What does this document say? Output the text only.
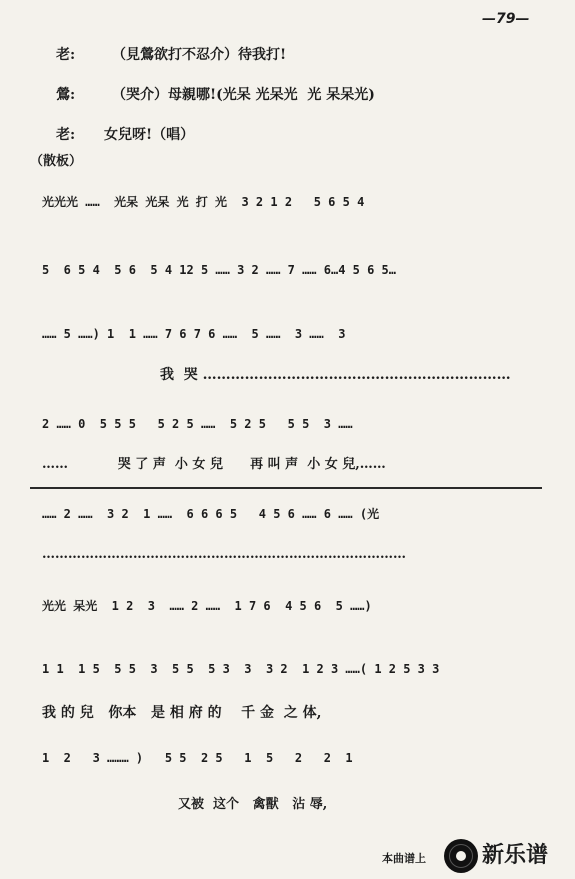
—79—
老:	（見鶯欲打不忍介）待我打!
鶯:	（哭介）母親哪!(光呆 光呆光  光 呆呆光)
老: 女兒呀!（唱）
（散板）
光光光 ……  光呆 光呆 光 打 光  3 2 1 2   5 6 5 4
5  6 5 4  5 6  5 4 12 5 …… 3 2 …… 7 …… 6…4 5 6 5…
…… 5 ……) 1  1 …… 7 6 7 6 ……  5 ……  3 ……  3
我  哭 …………………………………………………………
2 …… 0  5 5 5   5 2 5 ……  5 2 5   5 5  3 ……
……           哭 了 声  小 女 兒      再 叫 声  小 女 兒,……
…… 2 ……  3 2  1 ……  6 6 6 5   4 5 6 …… 6 …… (光
…………………………………………………………………………
光光 呆光  1 2  3  …… 2 ……  1 7 6  4 5 6  5 ……)
1 1  1 5  5 5  3  5 5  5 3  3  3 2  1 2 3 ……( 1 2 5 3 3
我 的 兒   你本   是 相 府 的    千 金  之 体,
1  2   3 ……… )   5 5  2 5   1  5   2   2  1
又被  这个   禽獸   沾 辱,
本曲谱上	新乐谱
